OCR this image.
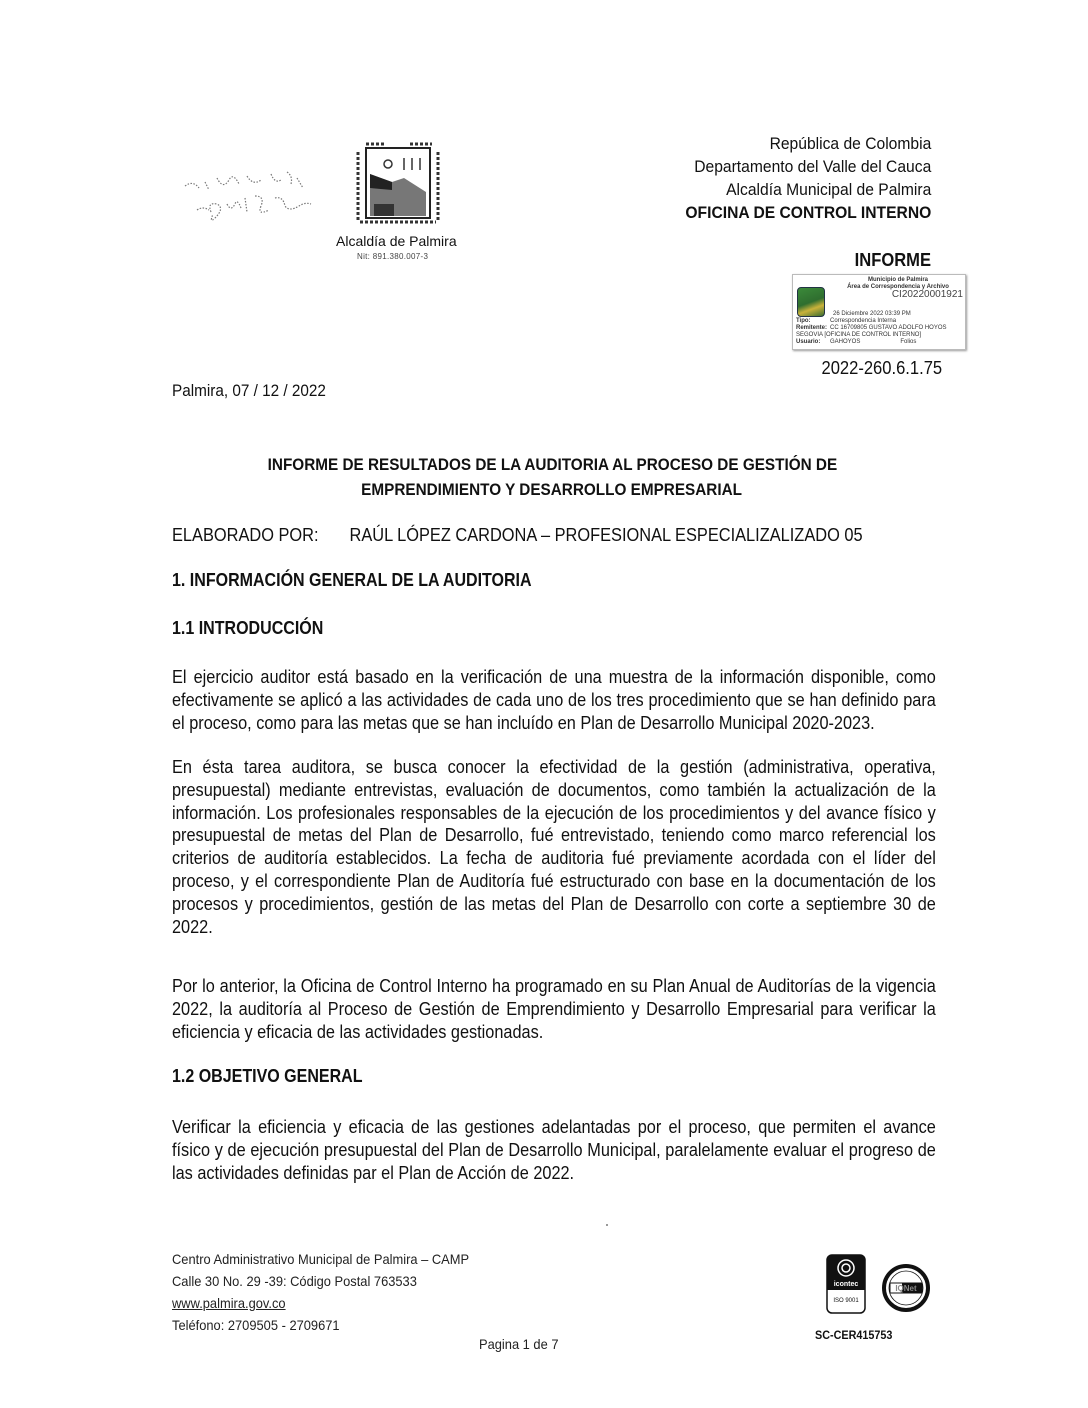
Alcaldía de Palmira
Nit: 891.380.007-3
República de Colombia
Departamento del Valle del Cauca
Alcaldía Municipal de Palmira
OFICINA DE CONTROL INTERNO
INFORME
Municipio de Palmira
Área de Correspondencia y Archivo
CI20220001921
26 Diciembre 2022 03:39 PM
Tipo:	Correspondencia Interna
Remitente: CC 16709805 GUSTAVO ADOLFO HOYOS
SEGOVIA [OFICINA DE CONTROL INTERNO]
Usuario: GAHOYOS	Folios
2022-260.6.1.75
Palmira, 07 / 12 / 2022
INFORME DE RESULTADOS DE LA AUDITORIA AL PROCESO DE GESTIÓN DE
EMPRENDIMIENTO Y DESARROLLO EMPRESARIAL
ELABORADO POR: RAÚL LÓPEZ CARDONA – PROFESIONAL ESPECIALIZALIZADO 05
1. INFORMACIÓN GENERAL DE LA AUDITORIA
1.1 INTRODUCCIÓN
El ejercicio auditor está basado en la verificación de una muestra de la información disponible, como efectivamente se aplicó a las actividades de cada uno de los tres procedimiento que se han definido para el proceso, como para las metas que se han incluído en Plan de Desarrollo Municipal 2020-2023.
En ésta tarea auditora, se busca conocer la efectividad de la gestión (administrativa, operativa, presupuestal) mediante entrevistas, evaluación de documentos, como también la actualización de la información. Los profesionales responsables de la ejecución de los procedimientos y del avance físico y presupuestal de metas del Plan de Desarrollo, fué entrevistado, teniendo como marco referencial los criterios de auditoría establecidos. La fecha de auditoria fué previamente acordada con el líder del proceso, y el correspondiente Plan de Auditoría fué estructurado con base en la documentación de los procesos y procedimientos, gestión de las metas del Plan de Desarrollo con corte a septiembre 30 de 2022.
Por lo anterior, la Oficina de Control Interno ha programado en su Plan Anual de Auditorías de la vigencia 2022, la auditoría al Proceso de Gestión de Emprendimiento y Desarrollo Empresarial para verificar la eficiencia y eficacia de las actividades gestionadas.
1.2 OBJETIVO GENERAL
Verificar la eficiencia y eficacia de las gestiones adelantadas por el proceso, que permiten el avance físico y de ejecución presupuestal del Plan de Desarrollo Municipal, paralelamente evaluar el progreso de las actividades definidas par el Plan de Acción de 2022.
Centro Administrativo Municipal de Palmira – CAMP
Calle 30 No. 29 -39: Código Postal 763533
www.palmira.gov.co
Teléfono: 2709505 - 2709671
Pagina 1 de 7
icontec
ISO 9001
IQNet
SC-CER415753
